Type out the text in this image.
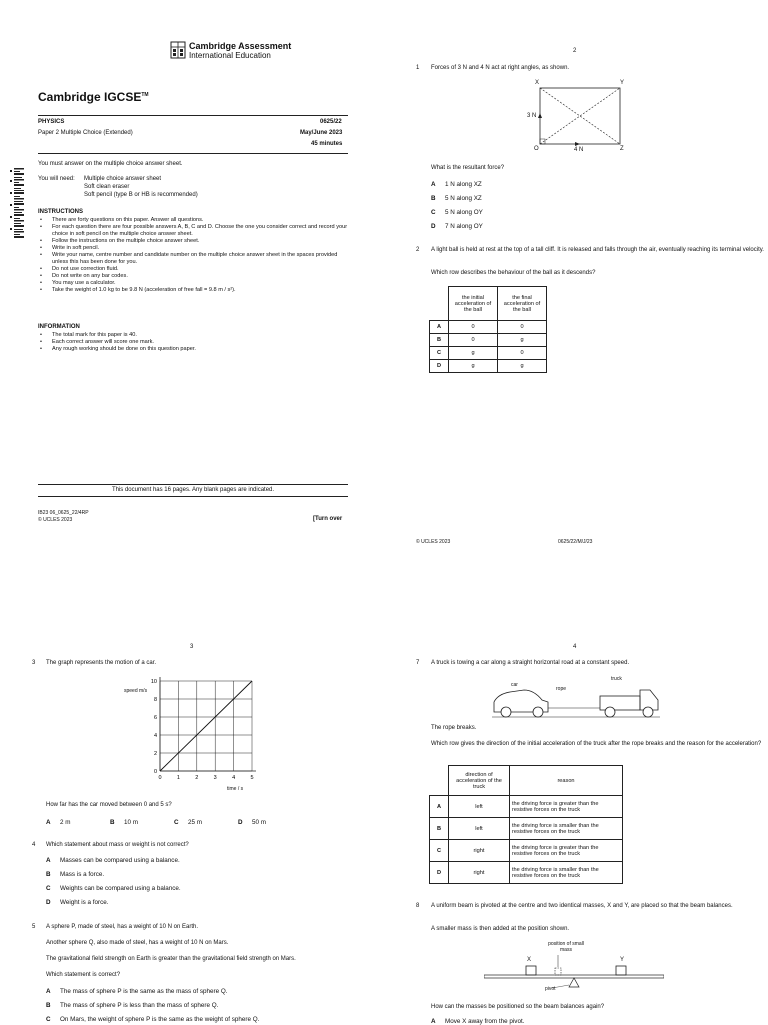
Cambridge Assessment
International Education
Cambridge IGCSE™
PHYSICS	0625/22
Paper 2 Multiple Choice (Extended)	May/June 2023
45 minutes
You must answer on the multiple choice answer sheet.
You will need: Multiple choice answer sheet
Soft clean eraser
Soft pencil (type B or HB is recommended)
INSTRUCTIONS
• There are forty questions on this paper. Answer all questions.
• For each question there are four possible answers A, B, C and D. Choose the one you consider correct and record your choice in soft pencil on the multiple choice answer sheet.
• Follow the instructions on the multiple choice answer sheet.
• Write in soft pencil.
• Write your name, centre number and candidate number on the multiple choice answer sheet in the spaces provided unless this has been done for you.
• Do not use correction fluid.
• Do not write on any bar codes.
• You may use a calculator.
• Take the weight of 1.0 kg to be 9.8 N (acceleration of free fall = 9.8 m / s²).
INFORMATION
• The total mark for this paper is 40.
• Each correct answer will score one mark.
• Any rough working should be done on this question paper.
This document has 16 pages. Any blank pages are indicated.
IB23 06_0625_22/4RP
© UCLES 2023	[Turn over
2
1 Forces of 3 N and 4 N act at right angles, as shown.
X	Y
3 N
O	4 N	Z
What is the resultant force?
A 1 N along XZ
B 5 N along XZ
C 5 N along OY
D 7 N along OY
2 A light ball is held at rest at the top of a tall cliff. It is released and falls through the air, eventually reaching its terminal velocity.
Which row describes the behaviour of the ball as it descends?
	the initial acceleration of the ball	the final acceleration of the ball
A	0	0
B	0	g
C	g	0
D	g	g
© UCLES 2023	0625/22/M/J/23
3
3 The graph represents the motion of a car.
speed m/s
0	1	2	3	4	5
0
2
4
6
8
10
time / s
How far has the car moved between 0 and 5 s?
A 2 m	B 10 m	C 25 m	D 50 m
4 Which statement about mass or weight is not correct?
A Masses can be compared using a balance.
B Mass is a force.
C Weights can be compared using a balance.
D Weight is a force.
5 A sphere P, made of steel, has a weight of 10 N on Earth.
Another sphere Q, also made of steel, has a weight of 10 N on Mars.
The gravitational field strength on Earth is greater than the gravitational field strength on Mars.
Which statement is correct?
A The mass of sphere P is the same as the mass of sphere Q.
B The mass of sphere P is less than the mass of sphere Q.
C On Mars, the weight of sphere P is the same as the weight of sphere Q.
4
7 A truck is towing a car along a straight horizontal road at a constant speed.
car
rope
truck
The rope breaks.
Which row gives the direction of the initial acceleration of the truck after the rope breaks and the reason for the acceleration?
	direction of acceleration of the truck	reason
A	left	the driving force is greater than the resistive forces on the truck
B	left	the driving force is smaller than the resistive forces on the truck
C	right	the driving force is greater than the resistive forces on the truck
D	right	the driving force is smaller than the resistive forces on the truck
8 A uniform beam is pivoted at the centre and two identical masses, X and Y, are placed so that the beam balances.
A smaller mass is then added at the position shown.
position of small mass
X	Y
pivot
How can the masses be positioned so the beam balances again?
A Move X away from the pivot.
